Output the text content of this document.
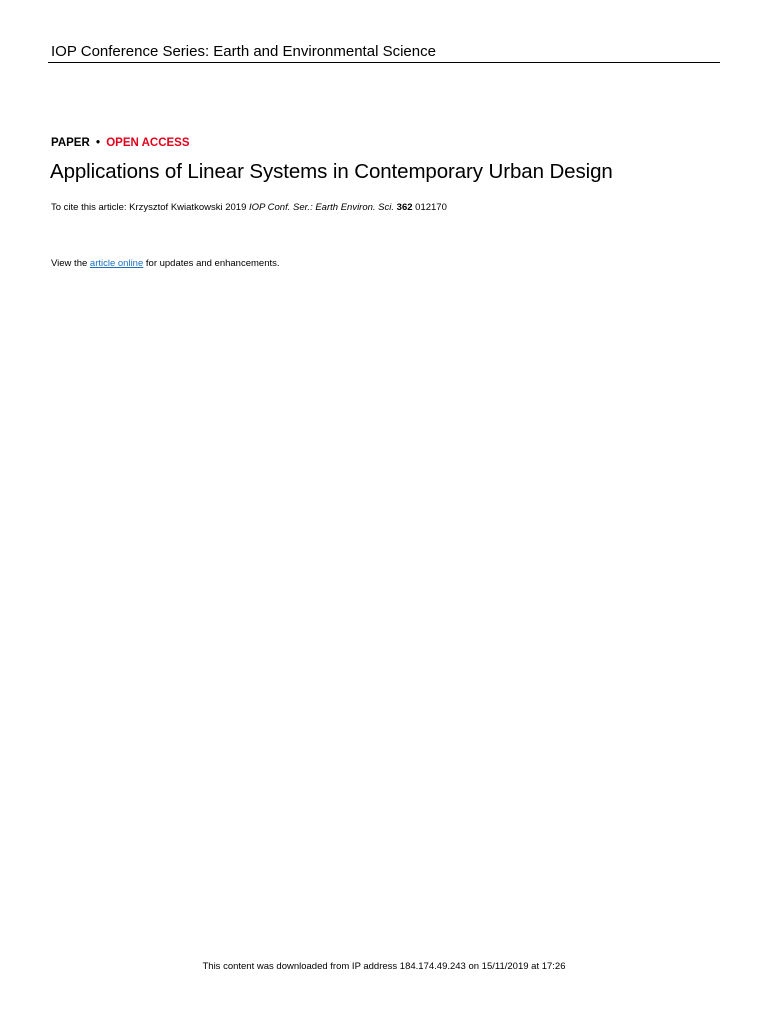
IOP Conference Series: Earth and Environmental Science
PAPER • OPEN ACCESS
Applications of Linear Systems in Contemporary Urban Design
To cite this article: Krzysztof Kwiatkowski 2019 IOP Conf. Ser.: Earth Environ. Sci. 362 012170
View the article online for updates and enhancements.
This content was downloaded from IP address 184.174.49.243 on 15/11/2019 at 17:26
